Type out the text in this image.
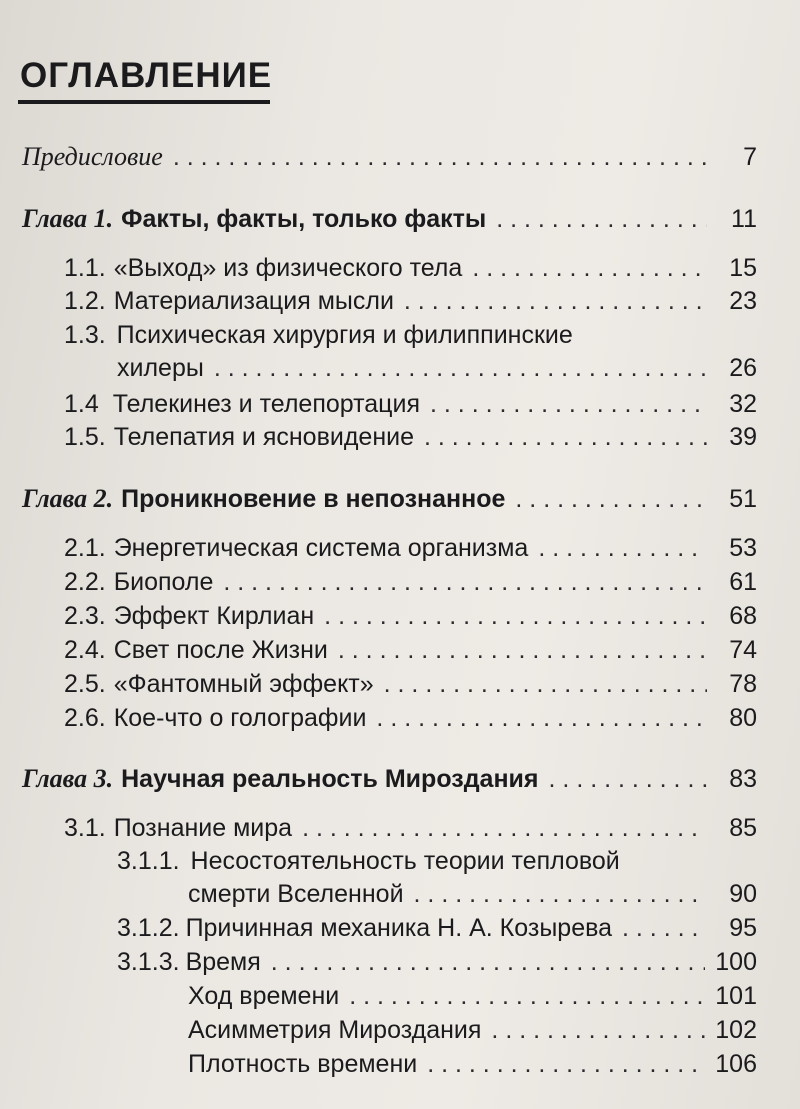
ОГЛАВЛЕНИЕ
Предисловие . . .	7
Глава 1. Факты, факты, только факты . . .	11
1.1. «Выход» из физического тела . . .	15
1.2. Материализация мысли . . .	23
1.3. Психическая хирургия и филиппинские
хилеры . . .	26
1.4 Телекинез и телепортация . . .	32
1.5. Телепатия и ясновидение . . .	39
Глава 2. Проникновение в непознанное . . .	51
2.1. Энергетическая система организма . . .	53
2.2. Биополе . . .	61
2.3. Эффект Кирлиан . . .	68
2.4. Свет после Жизни . . .	74
2.5. «Фантомный эффект» . . .	78
2.6. Кое-что о голографии . . .	80
Глава 3. Научная реальность Мироздания . . .	83
3.1. Познание мира . . .	85
3.1.1. Несостоятельность теории тепловой
смерти Вселенной . . .	90
3.1.2. Причинная механика Н. А. Козырева . . .	95
3.1.3. Время . . .	100
Ход времени . . .	101
Асимметрия Мироздания . . .	102
Плотность времени . . .	106
